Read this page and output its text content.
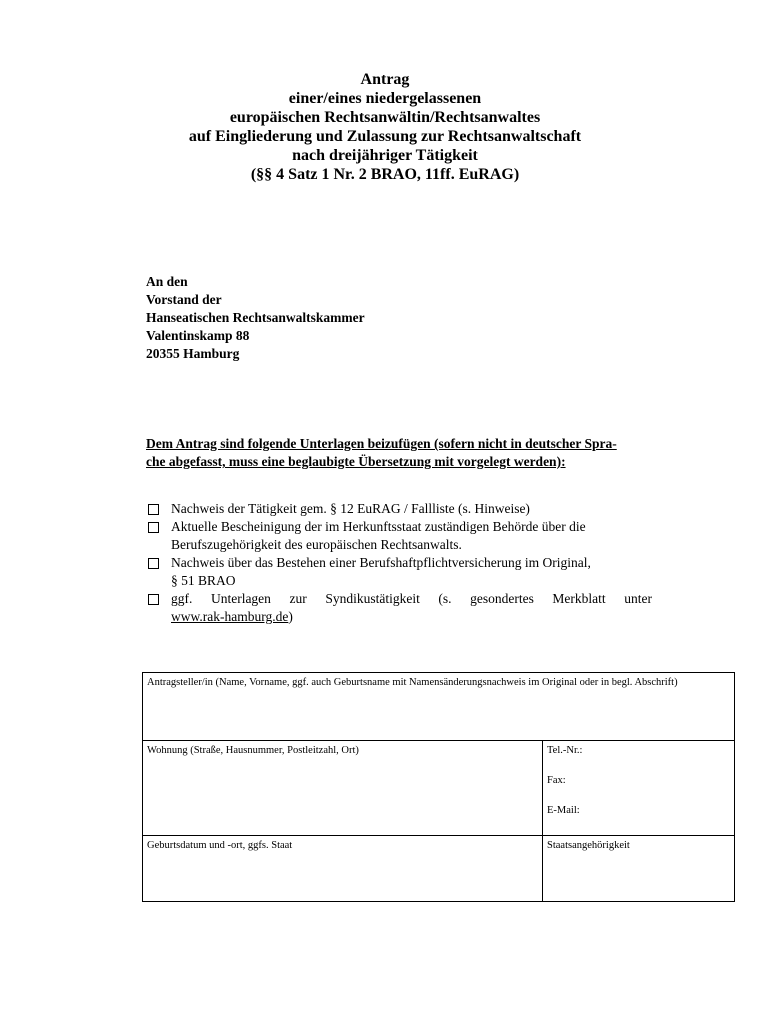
Antrag
einer/eines niedergelassenen
europäischen Rechtsanwältin/Rechtsanwaltes
auf Eingliederung und Zulassung zur Rechtsanwaltschaft
nach dreijähriger Tätigkeit
(§§ 4 Satz 1 Nr. 2 BRAO, 11ff. EuRAG)
An den
Vorstand der
Hanseatischen Rechtsanwaltskammer
Valentinskamp 88
20355 Hamburg
Dem Antrag sind folgende Unterlagen beizufügen (sofern nicht in deutscher Spra-
che abgefasst, muss eine beglaubigte Übersetzung mit vorgelegt werden):
Nachweis der Tätigkeit gem. § 12 EuRAG / Fallliste (s. Hinweise)
Aktuelle Bescheinigung der im Herkunftsstaat zuständigen Behörde über die
Berufszugehörigkeit des europäischen Rechtsanwalts.
Nachweis über das Bestehen einer Berufshaftpflichtversicherung im Original,
§ 51 BRAO
ggf. Unterlagen zur Syndikustätigkeit (s. gesondertes Merkblatt unter
www.rak-hamburg.de)
Antragsteller/in (Name, Vorname, ggf. auch Geburtsname mit Namensänderungsnachweis im Original oder in begl. Abschrift)	
Wohnung (Straße, Hausnummer, Postleitzahl, Ort)	Tel.-Nr.:

Fax:

E-Mail:

Geburtsdatum und -ort, ggfs. Staat	Staatsangehörigkeit
